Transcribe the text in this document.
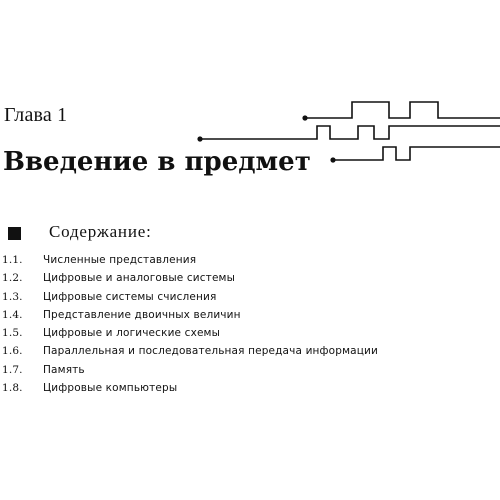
Глава 1
Введение в предмет
Содержание:
1.1.	Численные представления
1.2.	Цифровые и аналоговые системы
1.3.	Цифровые системы счисления
1.4.	Представление двоичных величин
1.5.	Цифровые и логические схемы
1.6.	Параллельная и последовательная передача информации
1.7.	Память
1.8.	Цифровые компьютеры
